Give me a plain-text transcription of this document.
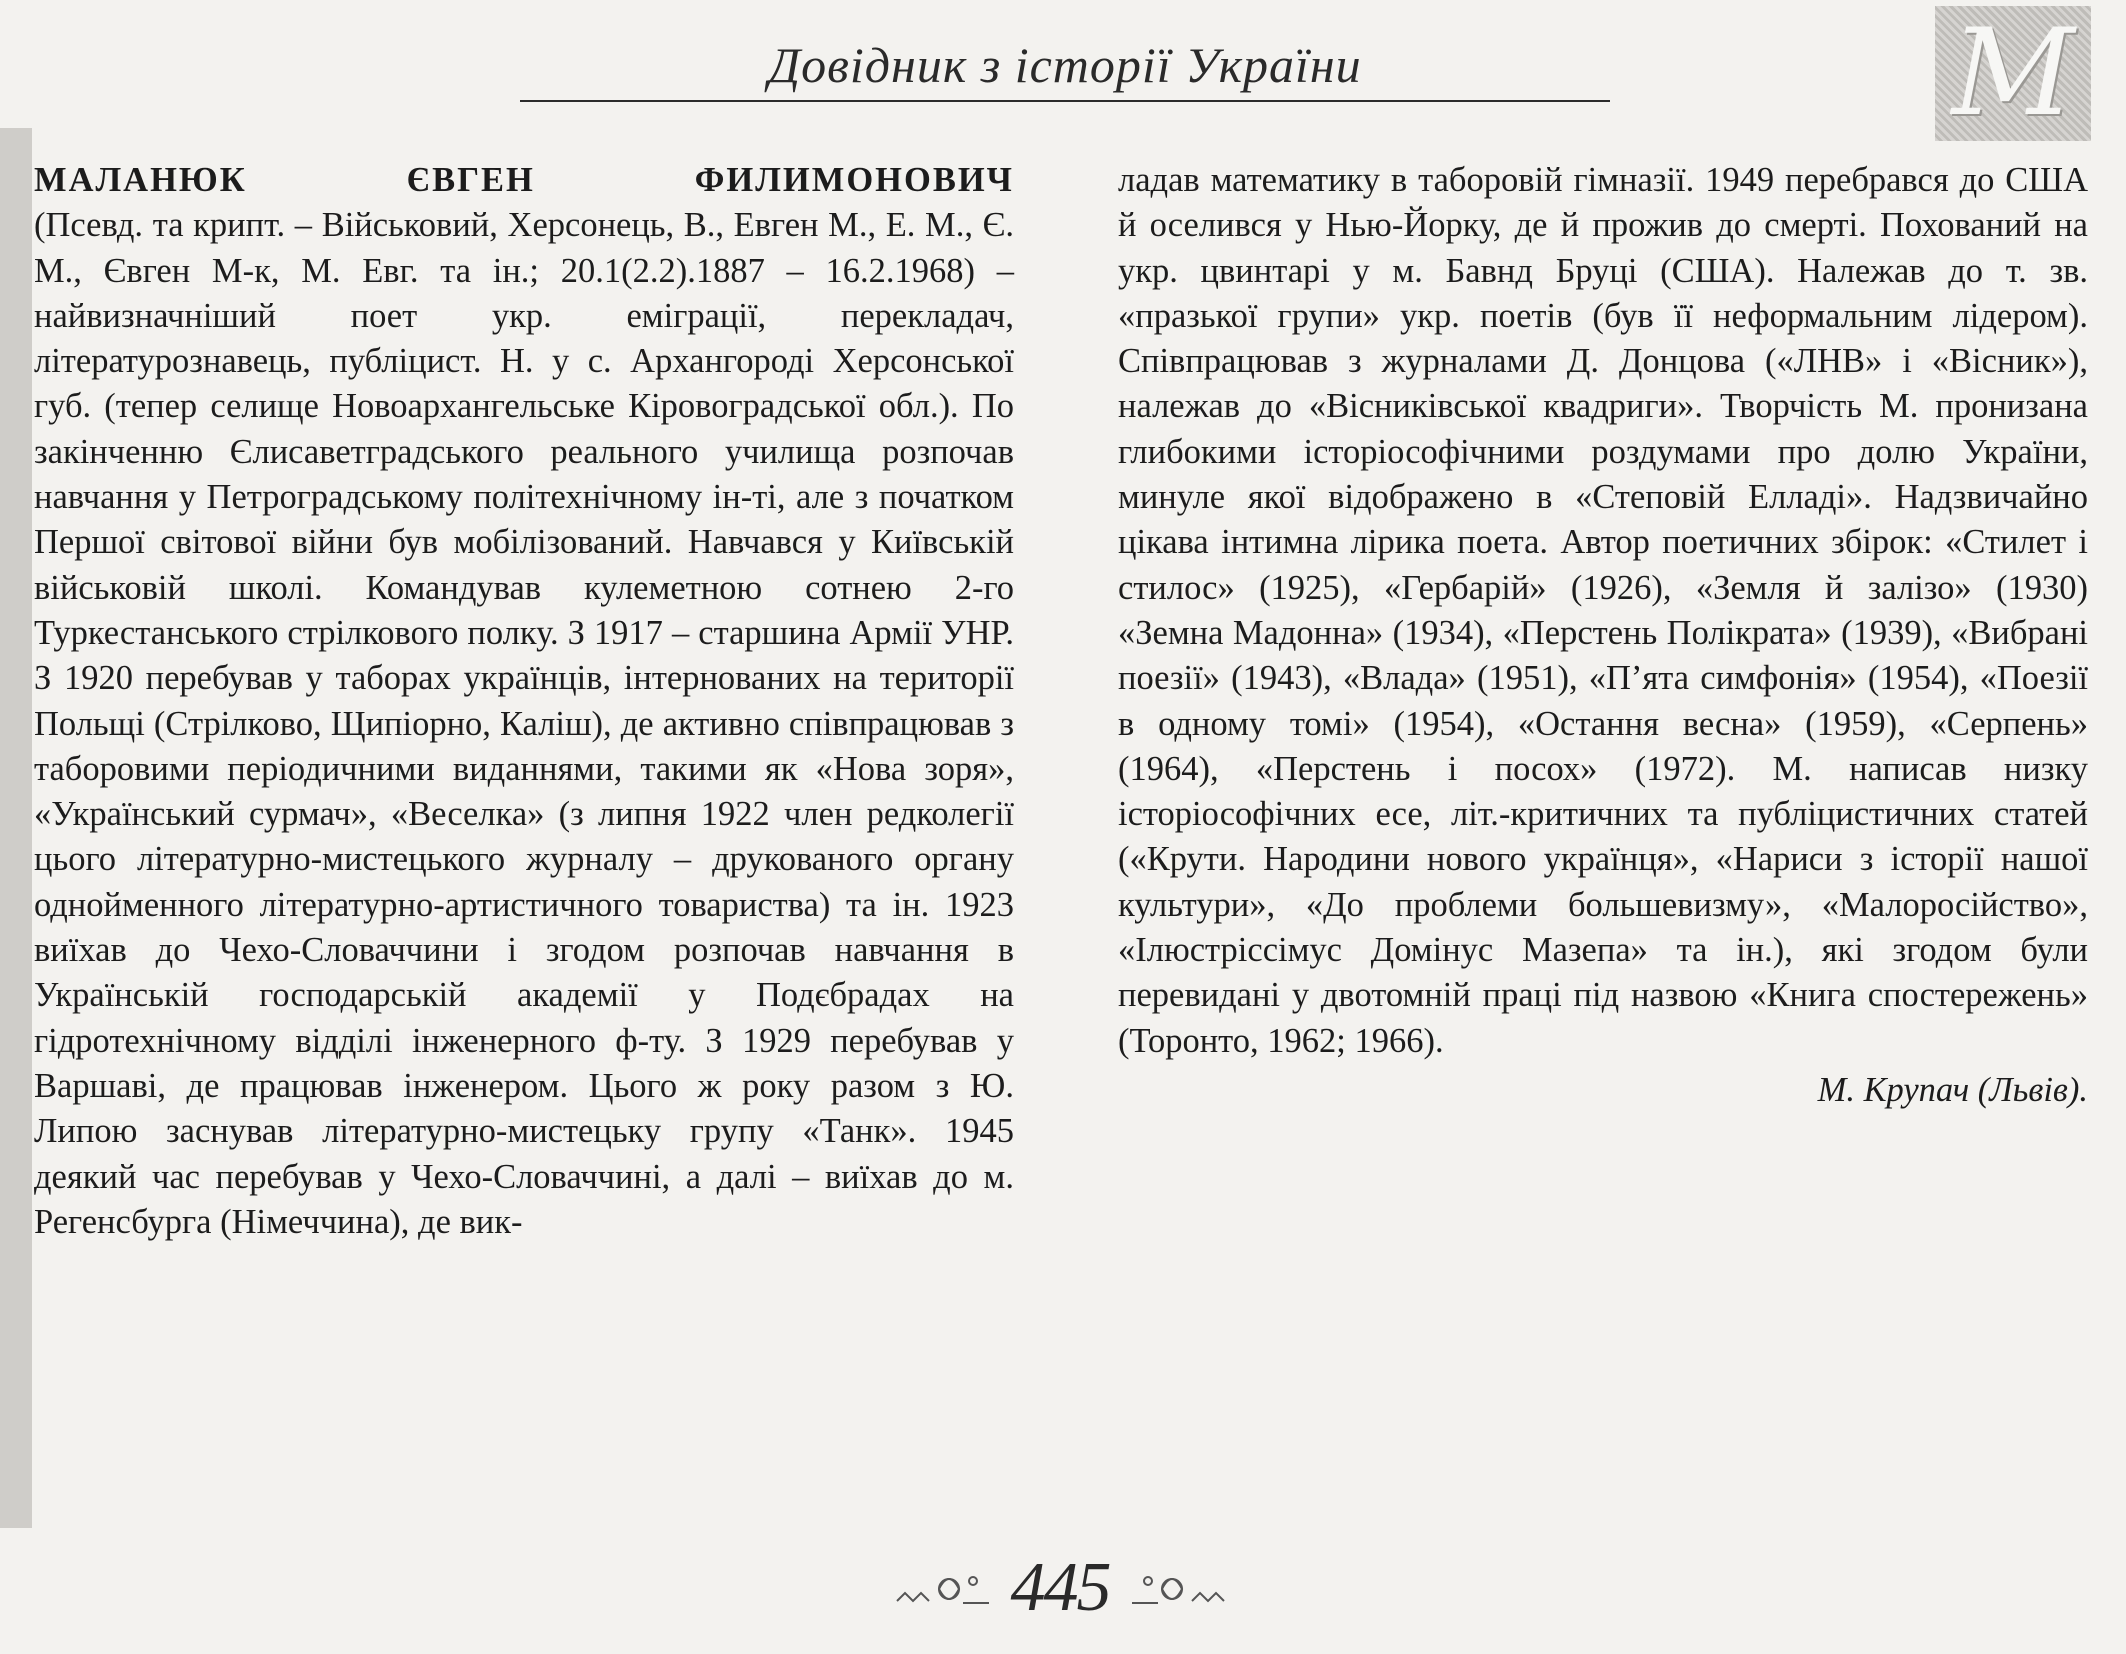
Довідник з історії України	М
МАЛАНЮК ЄВГЕН ФИЛИМОНОВИЧ

(Псевд. та крипт. – Військовий, Херсонець, В., Евген М., Е. М., Є. М., Євген М-к, М. Евг. та ін.; 20.1(2.2).1887 – 16.2.1968) – найвизначніший поет укр. еміграції, перекладач, літературознавець, публіцист. Н. у с. Архангороді Херсонської губ. (тепер селище Новоархангельське Кіровоградської обл.). По закінченню Єлисаветградського реального училища розпочав навчання у Петроградському політехнічному ін-ті, але з початком Першої світової війни був мобілізований. Навчався у Київській військовій школі. Командував кулеметною сотнею 2-го Туркестанського стрілкового полку. З 1917 – старшина Армії УНР. З 1920 перебував у таборах українців, інтернованих на території Польщі (Стрілково, Щипіорно, Каліш), де активно співпрацював з таборовими періодичними виданнями, такими як «Нова зоря», «Український сурмач», «Веселка» (з липня 1922 член редколегії цього літературно-мистецького журналу – друкованого органу однойменного літературно-артистичного товариства) та ін. 1923 виїхав до Чехо-Словаччини і згодом розпочав навчання в Українській господарській академії у Подєбрадах на гідротехнічному відділі інженерного ф-ту. З 1929 перебував у Варшаві, де працював інженером. Цього ж року разом з Ю. Липою заснував літературно-мистецьку групу «Танк». 1945 деякий час перебував у Чехо-Словаччині, а далі – виїхав до м. Регенсбурга (Німеччина), де вик-

ладав математику в таборовій гімназії. 1949 перебрався до США й оселився у Нью-Йорку, де й прожив до смерті. Похований на укр. цвинтарі у м. Бавнд Бруці (США). Належав до т. зв. «празької групи» укр. поетів (був її неформальним лідером). Співпрацював з журналами Д. Донцова («ЛНВ» і «Вісник»), належав до «Вісниківської квадриги». Творчість М. пронизана глибокими історіософічними роздумами про долю України, минуле якої відображено в «Степовій Елладі». Надзвичайно цікава інтимна лірика поета. Автор поетичних збірок: «Стилет і стилос» (1925), «Гербарій» (1926), «Земля й залізо» (1930) «Земна Мадонна» (1934), «Перстень Полікрата» (1939), «Вибрані поезії» (1943), «Влада» (1951), «П’ята симфонія» (1954), «Поезії в одному томі» (1954), «Остання весна» (1959), «Серпень» (1964), «Перстень і посох» (1972). М. написав низку історіософічних есе, літ.-критичних та публіцистичних статей («Крути. Народини нового українця», «Нариси з історії нашої культури», «До проблеми большевизму», «Малоросійство», «Ілюстріссімус Домінус Мазепа» та ін.), які згодом були перевидані у двотомній праці під назвою «Книга спостережень» (Торонто, 1962; 1966).

М. Крупач (Львів).
445
